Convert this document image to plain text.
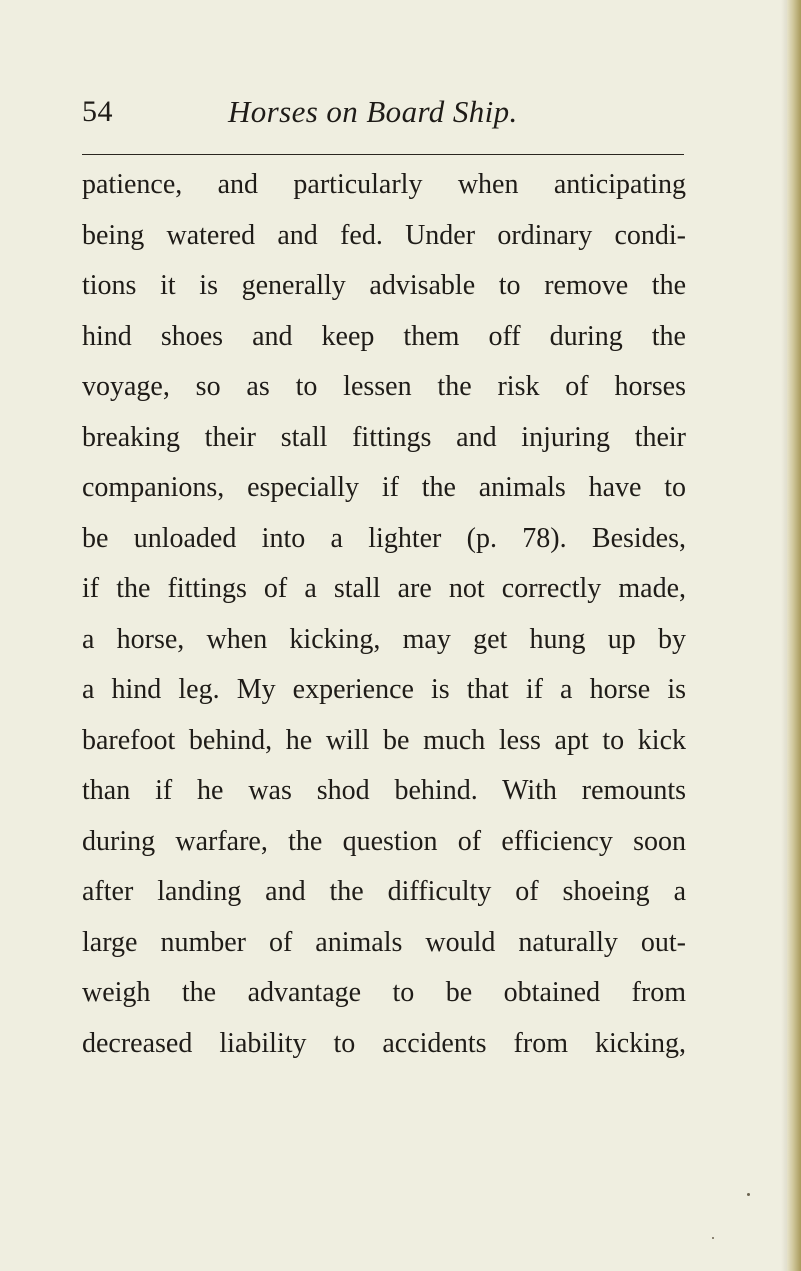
54	Horses on Board Ship.
patience, and particularly when anticipating
being watered and fed. Under ordinary condi-
tions it is generally advisable to remove the
hind shoes and keep them off during the
voyage, so as to lessen the risk of horses
breaking their stall fittings and injuring their
companions, especially if the animals have to
be unloaded into a lighter (p. 78). Besides,
if the fittings of a stall are not correctly made,
a horse, when kicking, may get hung up by
a hind leg. My experience is that if a horse is
barefoot behind, he will be much less apt to kick
than if he was shod behind. With remounts
during warfare, the question of efficiency soon
after landing and the difficulty of shoeing a
large number of animals would naturally out-
weigh the advantage to be obtained from
decreased liability to accidents from kicking,
